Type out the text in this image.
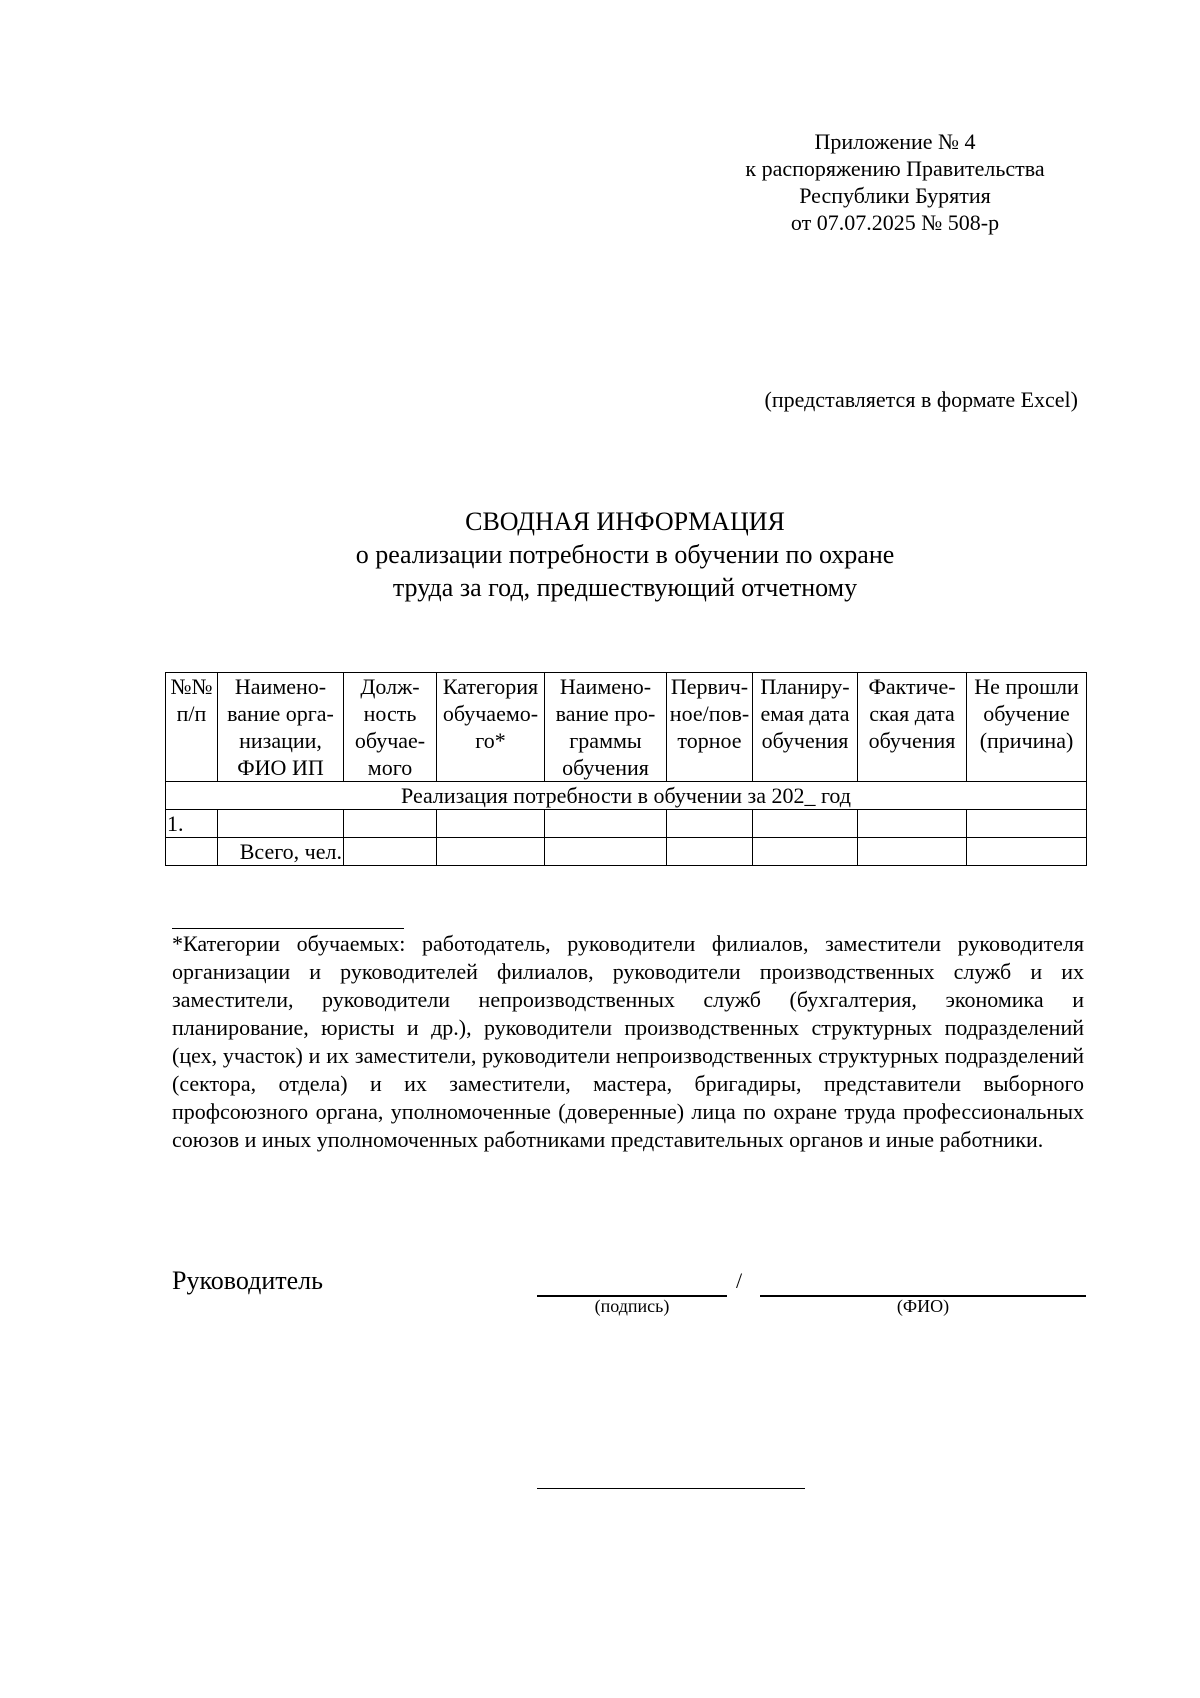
Приложение № 4
к распоряжению Правительства
Республики Бурятия
от 07.07.2025 № 508-р
(представляется в формате Excel)
СВОДНАЯ ИНФОРМАЦИЯ
о реализации потребности в обучении по охране
труда за год, предшествующий отчетному
№№ п/п	Наимено-вание орга-низации, ФИО ИП	Долж-ность обучае-мого	Категория обучаемо-го*	Наимено-вание про-граммы обучения	Первич-ное/пов-торное	Планиру-емая дата обучения	Фактиче-ская дата обучения	Не прошли обучение (причина)
Реализация потребности в обучении за 202_ год								
1.								
	Всего, чел.							
*Категории обучаемых: работодатель, руководители филиалов, заместители руководителя организации и руководителей филиалов, руководители производственных служб и их заместители, руководители непроизводственных служб (бухгалтерия, экономика и планирование, юристы и др.), руководители производственных структурных подразделений (цех, участок) и их заместители, руководители непроизводственных структурных подразделений (сектора, отдела) и их заместители, мастера, бригадиры, представители выборного профсоюзного органа, уполномоченные (доверенные) лица по охране труда профессиональных союзов и иных уполномоченных работниками представительных органов и иные работники.
Руководитель	/
(подпись)	(ФИО)
